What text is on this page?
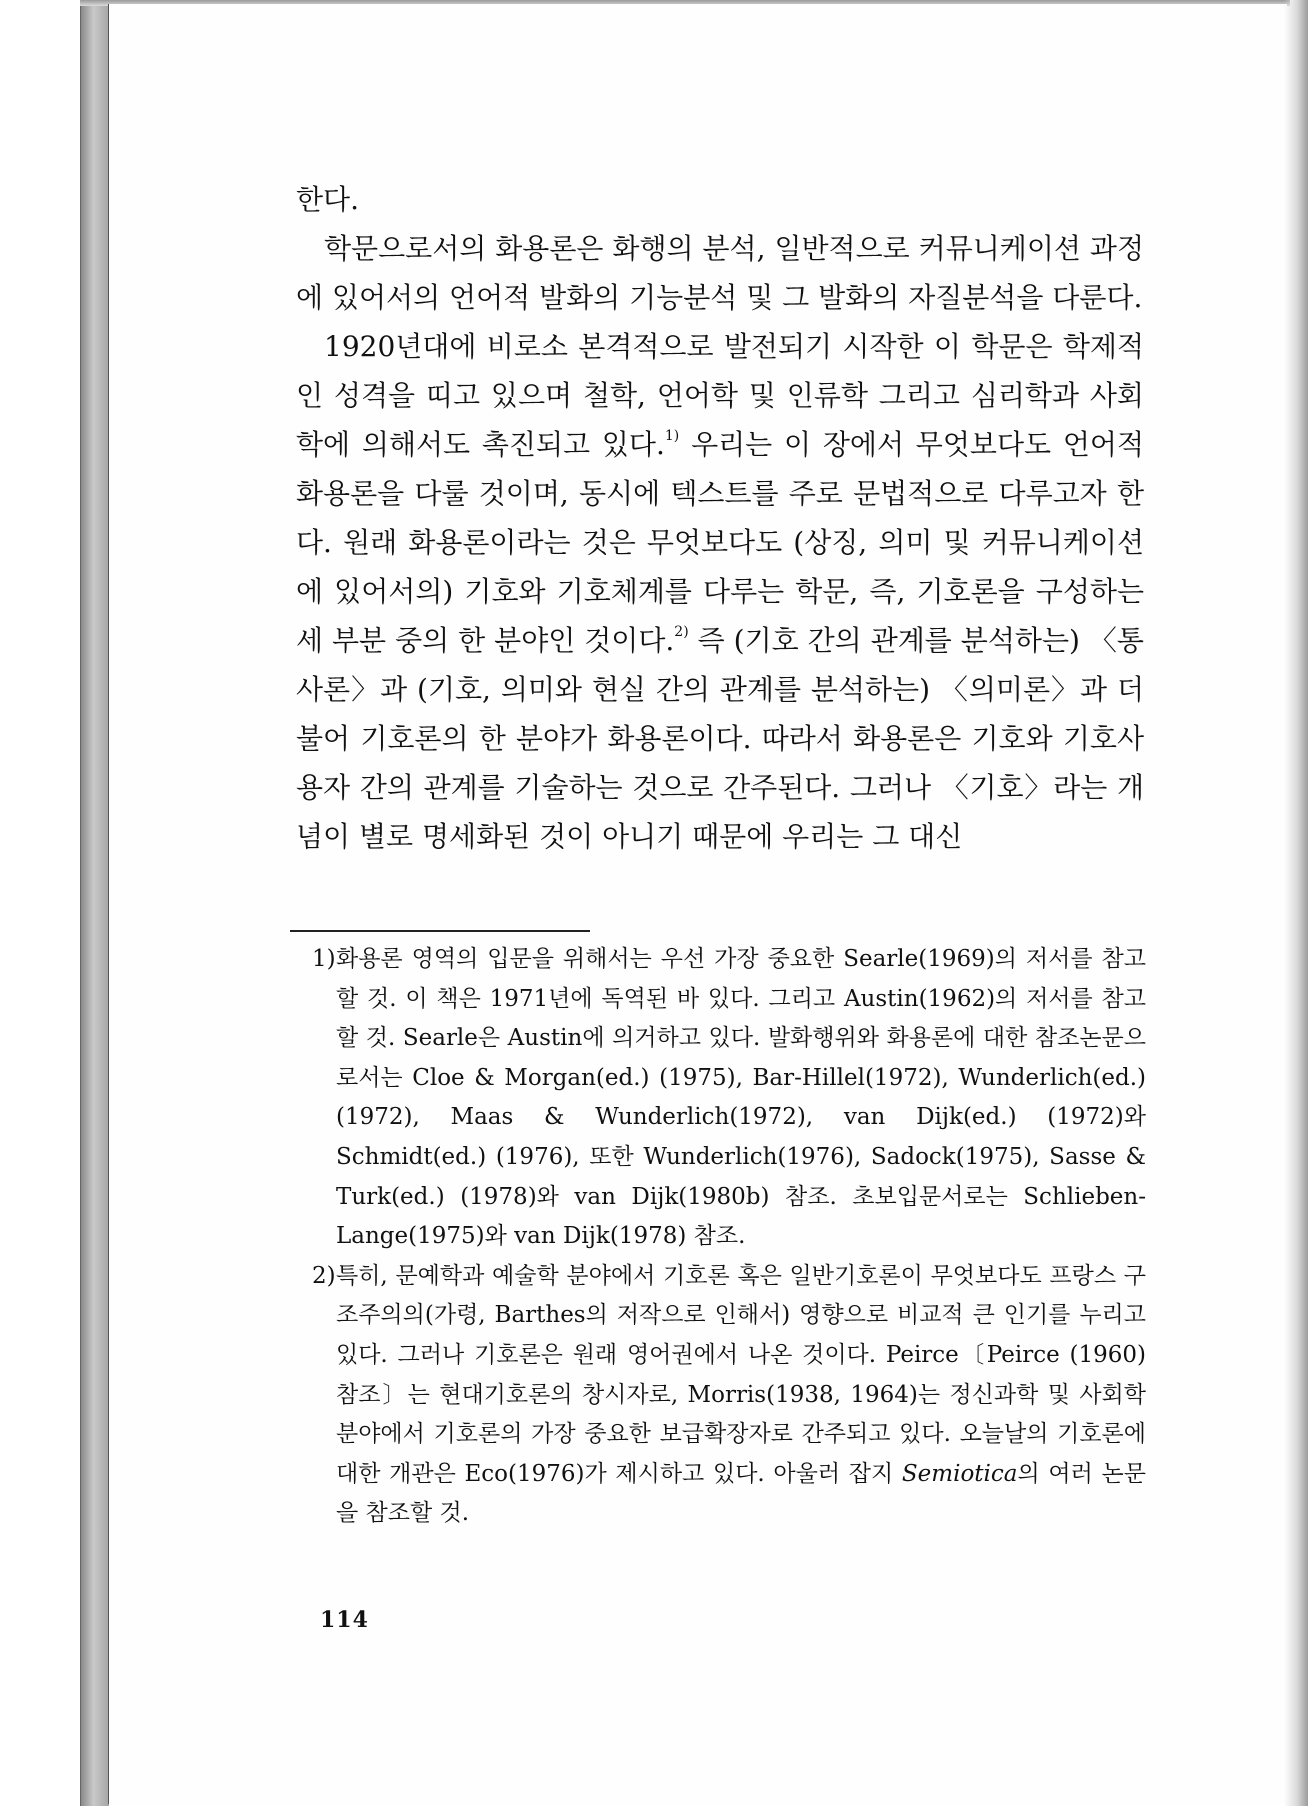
한다.

학문으로서의 화용론은 화행의 분석, 일반적으로 커뮤니케이션 과정에 있어서의 언어적 발화의 기능분석 및 그 발화의 자질분석을 다룬다.

1920년대에 비로소 본격적으로 발전되기 시작한 이 학문은 학제적인 성격을 띠고 있으며 철학, 언어학 및 인류학 그리고 심리학과 사회학에 의해서도 촉진되고 있다.$^{1)}$ 우리는 이 장에서 무엇보다도 언어적 화용론을 다룰 것이며, 동시에 텍스트를 주로 문법적으로 다루고자 한다. 원래 화용론이라는 것은 무엇보다도 (상징, 의미 및 커뮤니케이션에 있어서의) 기호와 기호체계를 다루는 학문, 즉, 기호론을 구성하는 세 부분 중의 한 분야인 것이다.$^{2)}$ 즉 (기호 간의 관계를 분석하는) 〈통사론〉과 (기호, 의미와 현실 간의 관계를 분석하는) 〈의미론〉과 더불어 기호론의 한 분야가 화용론이다. 따라서 화용론은 기호와 기호사용자 간의 관계를 기술하는 것으로 간주된다. 그러나 〈기호〉라는 개념이 별로 명세화된 것이 아니기 때문에 우리는 그 대신

1)화용론 영역의 입문을 위해서는 우선 가장 중요한 Searle(1969)의 저서를 참고할 것. 이 책은 1971년에 독역된 바 있다. 그리고 Austin(1962)의 저서를 참고할 것. Searle은 Austin에 의거하고 있다. 발화행위와 화용론에 대한 참조논문으로서는 Cloe & Morgan(ed.) (1975), Bar-Hillel(1972), Wunderlich(ed.) (1972), Maas & Wunderlich(1972), van Dijk(ed.) (1972)와 Schmidt(ed.) (1976), 또한 Wunderlich(1976), Sadock(1975), Sasse & Turk(ed.) (1978)와 van Dijk(1980b) 참조. 초보입문서로는 Schlieben-Lange(1975)와 van Dijk(1978) 참조.

2)특히, 문예학과 예술학 분야에서 기호론 혹은 일반기호론이 무엇보다도 프랑스 구조주의의(가령, Barthes의 저작으로 인해서) 영향으로 비교적 큰 인기를 누리고 있다. 그러나 기호론은 원래 영어권에서 나온 것이다. Peirce〔Peirce (1960) 참조〕는 현대기호론의 창시자로, Morris(1938, 1964)는 정신과학 및 사회학 분야에서 기호론의 가장 중요한 보급확장자로 간주되고 있다. 오늘날의 기호론에 대한 개관은 Eco(1976)가 제시하고 있다. 아울러 잡지 Semiotica의 여러 논문을 참조할 것.

114
